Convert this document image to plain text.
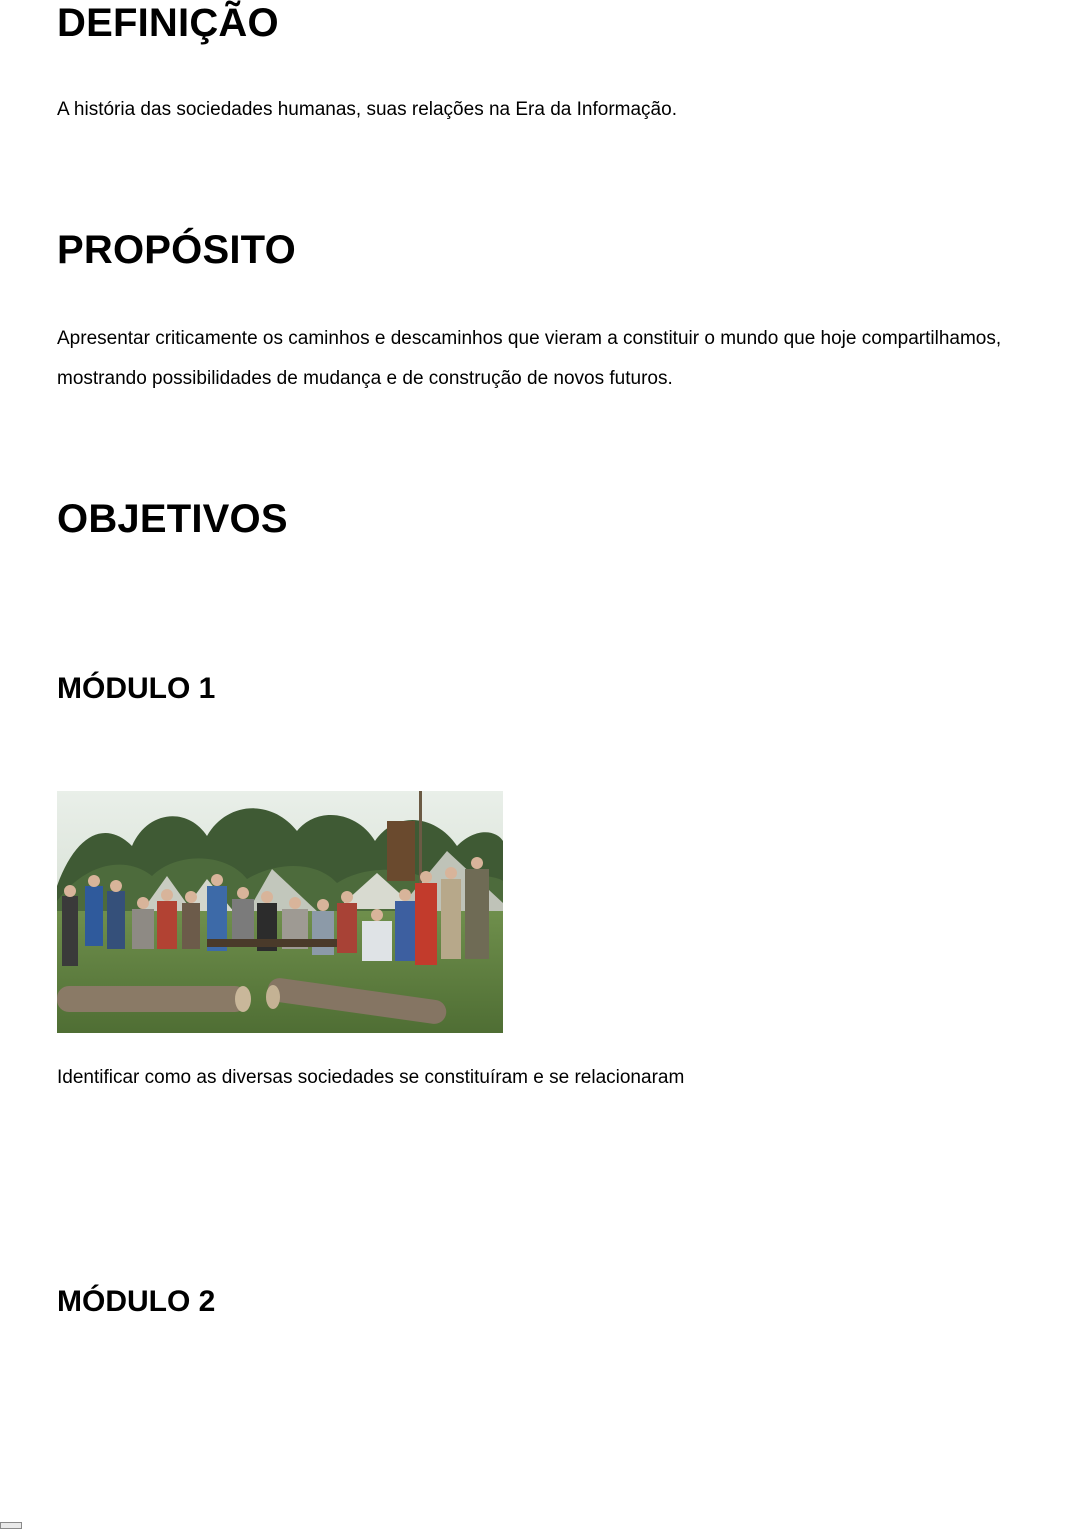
DEFINIÇÃO

A história das sociedades humanas, suas relações na Era da Informação.

PROPÓSITO

Apresentar criticamente os caminhos e descaminhos que vieram a constituir o mundo que hoje compartilhamos,

mostrando possibilidades de mudança e de construção de novos futuros.

OBJETIVOS
MÓDULO 1

Identificar como as diversas sociedades se constituíram e se relacionaram

MÓDULO 2
